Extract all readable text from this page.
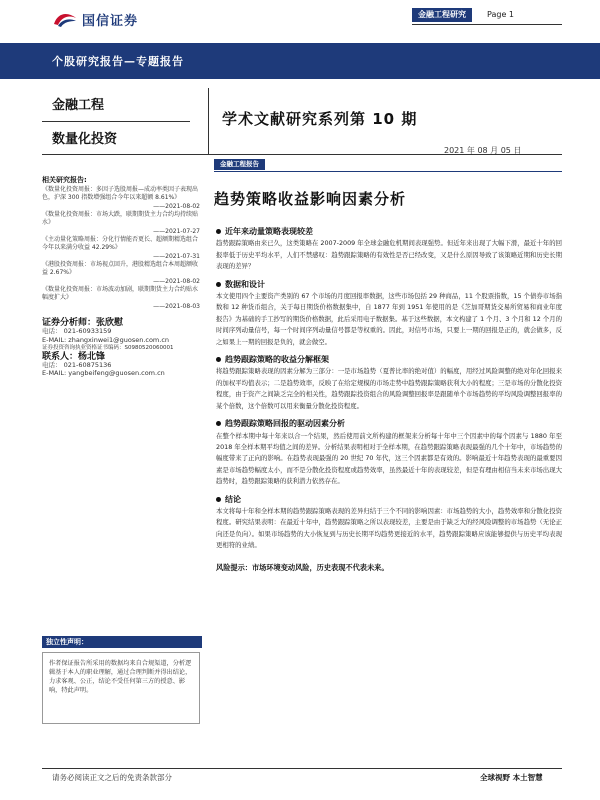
国信证券	金融工程研究	Page 1
个股研究报告—专题报告
金融工程
数量化投资
学术文献研究系列第 10 期
2021 年 08 月 05 日
相关研究报告:
《数量化投资周报：多因子选股周报—成动率类因子表现出色，沪深 300 指数增强组合今年以来超额 8.61%》
——2021-08-02
《数量化投资周报：市场大跌，联期期货主力合约均持续贴水》
——2021-07-27
《主动量化策略周报：分化行情能否更长、超额期精选组合今年以来满分收益 42.29%》
——2021-07-31
《港股投资周报：市场视点回升，港股精选组合本周超额收益 2.67%》
——2021-08-02
《数量化投资周报：市场波动加剧，联期期货主力合约贴水幅度扩大》
——2021-08-03
证券分析师：张欣慰
电话： 021-60933159
E-MAIL: zhangxinwei1@guosen.com.cn
证券投资咨询执业资格证书编码：S0980520060001
联系人：杨北锋
电话： 021-60875136
E-MAIL: yangbeifeng@guosen.com.cn
独立性声明：
作者保证报告所采用的数据均来自合规渠道，分析逻辑基于本人的职业理解，通过合理判断并得出结论，力求客观、公正，结论不受任何第三方的授意、影响，特此声明。
金融工程报告
趋势策略收益影响因素分析
近年来动量策略表现较差
趋势跟踪策略由来已久，这类策略在 2007-2009 年全球金融危机期间表现强势。但近年来出现了大幅下滑，最近十年的回报率低于历史平均水平，人们不禁感叹：趋势跟踪策略的有效性是否已经改变，又是什么原因导致了该策略近期和历史长期表现的差异？
数据和设计
本文使用四个主要资产类别的 67 个市场的月度回报率数据，这些市场包括 29 种商品，11 个股票指数，15 个债券市场指数和 12 种货币组合，关于每日期货价格数据集中，自 1877 年到 1951 年使用的是《芝加哥期货交易所贸易和商业年度报告》为基础的手工抄写的期货价格数据，此后采用电子数据集。基于这些数据，本文构建了 1 个月、3 个月和 12 个月的时间序列动量信号，每一个时间序列动量信号都是等权重的。因此，对信号市场，只要上一期的回报是正的，就会做多，反之如果上一期的回报是负的，就会做空。
趋势跟踪策略的收益分解框架
将趋势跟踪策略表现的因素分解为三部分：一是市场趋势（夏普比率的绝对值）的幅度，用经过风险调整的绝对年化回报来的加权平均值表示；二是趋势效率，反映了在给定规模的市场走势中趋势跟踪策略获利大小的程度；三是市场的分散化投资程度，由于资产之间缺乏完全的相关性，趋势跟踪投资组合的风险调整回报率是跟随单个市场趋势的平均风险调整回报率的某个倍数，这个倍数可以用来衡量分散化投资程度。
趋势跟踪策略回报的驱动因素分析
在整个样本期中每十年来以合一个结果，然后使用前文所构建的框架来分析每十年中三个因素中的每个因素与 1880 年至 2018 年全样本期平均值之间的差异。分析结果表明相对于全样本期，在趋势跟踪策略表现最强的几个十年中，市场趋势的幅度带来了正向的影响。在趋势表现最强的 20 世纪 70 年代，这三个因素都是有效的。影响最近十年趋势表现的最重要因素是市场趋势幅度太小，而不是分散化投资程度或趋势效率，虽然最近十年的表现较差，但是有理由相信当未来市场出现大趋势时，趋势跟踪策略的获利潜力依然存在。
结论
本文将每十年和全样本期的趋势跟踪策略表现的差异归结于三个不同的影响因素：市场趋势的大小，趋势效率和分散化投资程度。研究结果表明：在最近十年中，趋势跟踪策略之所以表现较差，主要是由于缺乏大的经风险调整的市场趋势（无论正向还是负向）。如果市场趋势的大小恢复到与历史长期平均趋势更接近的水平，趋势跟踪策略应该能够提供与历史平均表现更相符的业绩。
风险提示：市场环境变动风险，历史表现不代表未来。
请务必阅读正文之后的免责条款部分	全球视野 本土智慧
